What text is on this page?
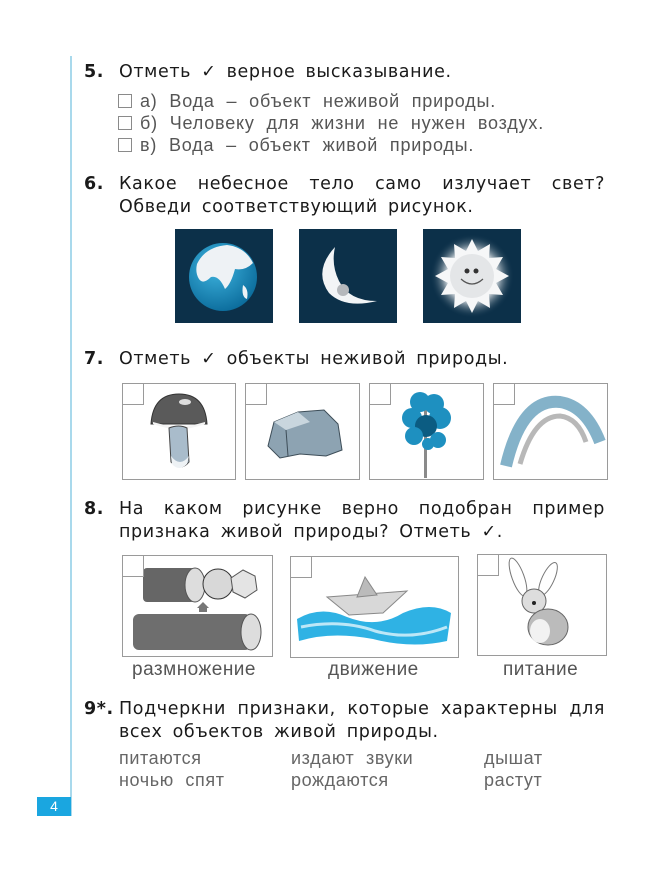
4
5. Отметь ✓ верное высказывание.
а) Вода – объект неживой природы.
б) Человеку для жизни не нужен воздух.
в) Вода – объект живой природы.
6. Какое небесное тело само излучает свет?
Обведи соответствующий рисунок.
7. Отметь ✓ объекты неживой природы.
8. На каком рисунке верно подобран пример
признака живой природы? Отметь ✓.
размножение	движение	питание
9*. Подчеркни признаки, которые характерны для
всех объектов живой природы.
питаются	издают звуки	дышат
ночью спят	рождаются	растут
